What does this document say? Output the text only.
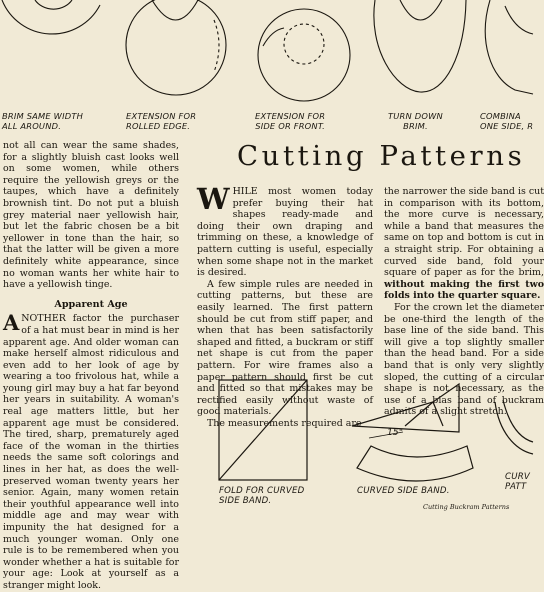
BRIM SAME WIDTH
ALL AROUND.
EXTENSION FOR
ROLLED EDGE.
EXTENSION FOR
SIDE OR FRONT.
TURN DOWN
BRIM.
COMBINA
ONE SIDE, R

not all can wear the same shades, for a slightly bluish cast looks well on some women, while others require the yellowish greys or the taupes, which have a definitely brownish tint. Do not put a bluish grey material naer yellowish hair, but let the fabric chosen be a bit yellower in tone than the hair, so that the latter will be given a more definitely white appearance, since no woman wants her white hair to have a yellowish tinge.

Apparent Age

ANOTHER factor the purchaser of a hat must bear in mind is her apparent age. And older woman can make herself almost ridiculous and even add to her look of age by wearing a too frivolous hat, while a young girl may buy a hat far beyond her years in suitability. A woman's real age matters little, but her apparent age must be considered. The tired, sharp, prematurely aged face of the woman in the thirties needs the same soft colorings and lines in her hat, as does the well-preserved woman twenty years her senior. Again, many women retain their youthful appearance well into middle age and may wear with impunity the hat designed for a much younger woman. Only one rule is to be remembered when you wonder whether a hat is suitable for your age: Look at yourself as a stranger might look.

Cutting Patterns

WHILE most women today prefer buying their hat shapes ready-made and doing their own draping and trimming on these, a knowledge of pattern cutting is useful, especially when some shape not in the market is desired.

A few simple rules are needed in cutting patterns, but these are easily learned. The first pattern should be cut from stiff paper, and when that has been satisfactorily shaped and fitted, a buckram or stiff net shape is cut from the paper pattern. For wire frames also a paper pattern should first be cut and fitted so that mistakes may be rectified easily without waste of good materials.

The measurements required are

the narrower the side band is cut in comparison with its bottom, the more curve is necessary, while a band that measures the same on top and bottom is cut in a straight strip. For obtaining a curved side band, fold your square of paper as for the brim, without making the first two folds into the quarter square.

For the crown let the diameter be one-third the length of the base line of the side band. This will give a top slightly smaller than the head band. For a side band that is only very slightly sloped, the cutting of a circular shape is not necessary, as the use of a bias band of buckram admits of a slight stretch.

FOLD FOR CURVED
SIDE BAND.
15"
CURVED SIDE BAND.
CURV
PATT
Cutting Buckram Patterns
